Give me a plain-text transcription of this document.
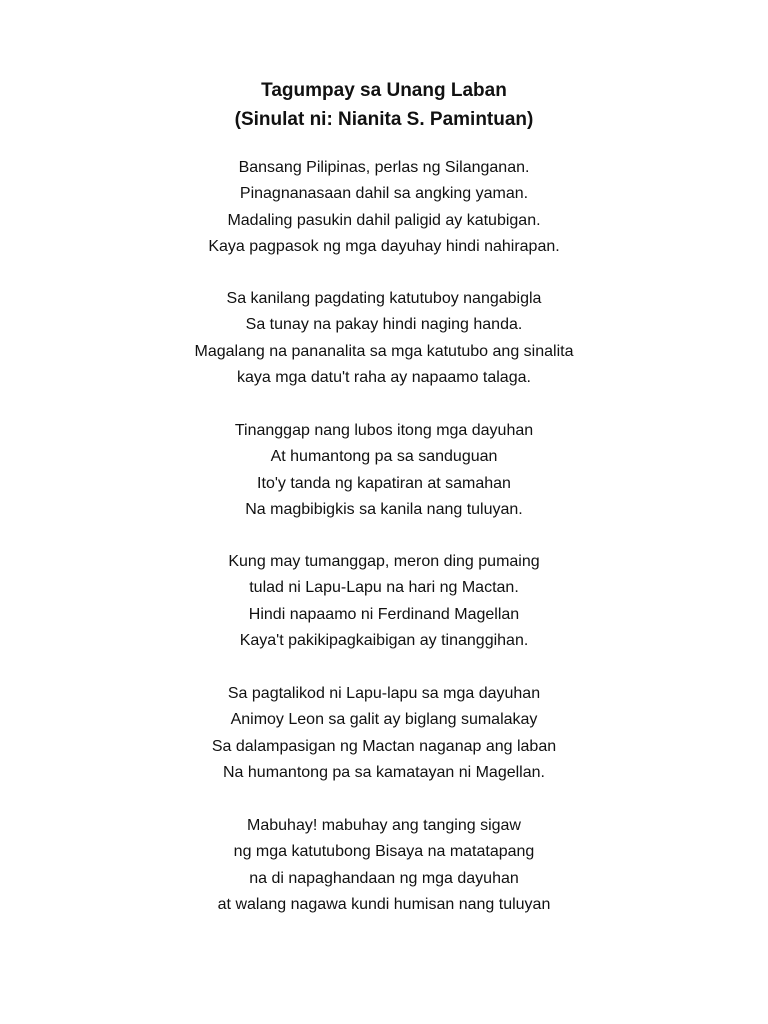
Tagumpay sa Unang Laban
(Sinulat ni: Nianita S. Pamintuan)
Bansang Pilipinas, perlas ng Silanganan.
Pinagnanasaan dahil sa angking yaman.
Madaling pasukin dahil paligid ay katubigan.
Kaya pagpasok ng mga dayuhay hindi nahirapan.
Sa kanilang pagdating katutuboy nangabigla
Sa tunay na pakay hindi naging handa.
Magalang na pananalita sa mga katutubo ang sinalita
kaya mga datu't raha ay napaamo talaga.
Tinanggap nang lubos itong mga dayuhan
At humantong pa sa sanduguan
Ito'y tanda ng kapatiran at samahan
Na magbibigkis sa kanila nang tuluyan.
Kung may tumanggap, meron ding pumaing
tulad ni Lapu-Lapu na hari ng Mactan.
Hindi napaamo ni Ferdinand Magellan
Kaya't pakikipagkaibigan ay tinanggihan.
Sa pagtalikod ni Lapu-lapu sa mga dayuhan
Animoy Leon sa galit ay biglang sumalakay
Sa dalampasigan ng Mactan naganap ang laban
Na humantong pa sa kamatayan ni Magellan.
Mabuhay! mabuhay ang tanging sigaw
ng mga katutubong Bisaya na matatapang
na di napaghandaan ng mga dayuhan
at walang nagawa kundi humisan nang tuluyan
